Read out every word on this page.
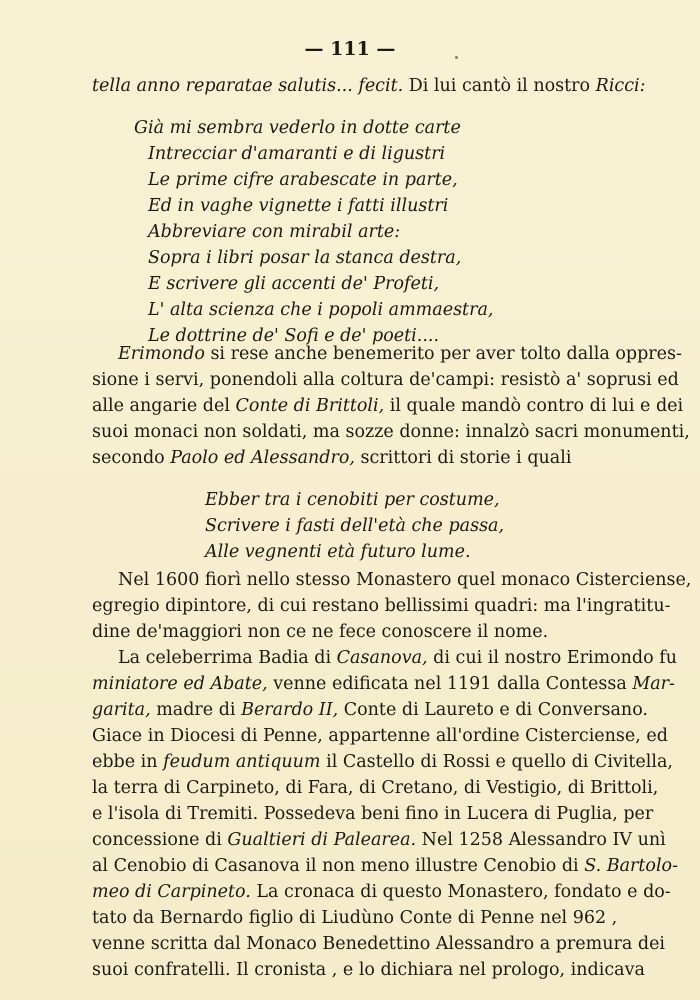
— 111 —
tella anno reparatae salutis... fecit. Di lui cantò il nostro Ricci:
Già mi sembra vederlo in dotte carte
Intrecciar d'amaranti e di ligustri
Le prime cifre arabescate in parte,
Ed in vaghe vignette i fatti illustri
Abbreviare con mirabil arte:
Sopra i libri posar la stanca destra,
E scrivere gli accenti de' Profeti,
L' alta scienza che i popoli ammaestra,
Le dottrine de' Sofi e de' poeti....
Erimondo si rese anche benemerito per aver tolto dalla oppres-
sione i servi, ponendoli alla coltura de'campi: resistò a' soprusi ed
alle angarie del Conte di Brittoli, il quale mandò contro di lui e dei
suoi monaci non soldati, ma sozze donne: innalzò sacri monumenti,
secondo Paolo ed Alessandro, scrittori di storie i quali
Ebber tra i cenobiti per costume,
Scrivere i fasti dell'età che passa,
Alle vegnenti età futuro lume.
Nel 1600 fiorì nello stesso Monastero quel monaco Cisterciense,
egregio dipintore, di cui restano bellissimi quadri: ma l'ingratitu-
dine de'maggiori non ce ne fece conoscere il nome.
La celeberrima Badia di Casanova, di cui il nostro Erimondo fu
miniatore ed Abate, venne edificata nel 1191 dalla Contessa Mar-
garita, madre di Berardo II, Conte di Laureto e di Conversano.
Giace in Diocesi di Penne, appartenne all'ordine Cisterciense, ed
ebbe in feudum antiquum il Castello di Rossi e quello di Civitella,
la terra di Carpineto, di Fara, di Cretano, di Vestigio, di Brittoli,
e l'isola di Tremiti. Possedeva beni fino in Lucera di Puglia, per
concessione di Gualtieri di Palearea. Nel 1258 Alessandro IV unì
al Cenobio di Casanova il non meno illustre Cenobio di S. Bartolo-
meo di Carpineto. La cronaca di questo Monastero, fondato e do-
tato da Bernardo figlio di Liudùno Conte di Penne nel 962 ,
venne scritta dal Monaco Benedettino Alessandro a premura dei
suoi confratelli. Il cronista , e lo dichiara nel prologo, indicava
